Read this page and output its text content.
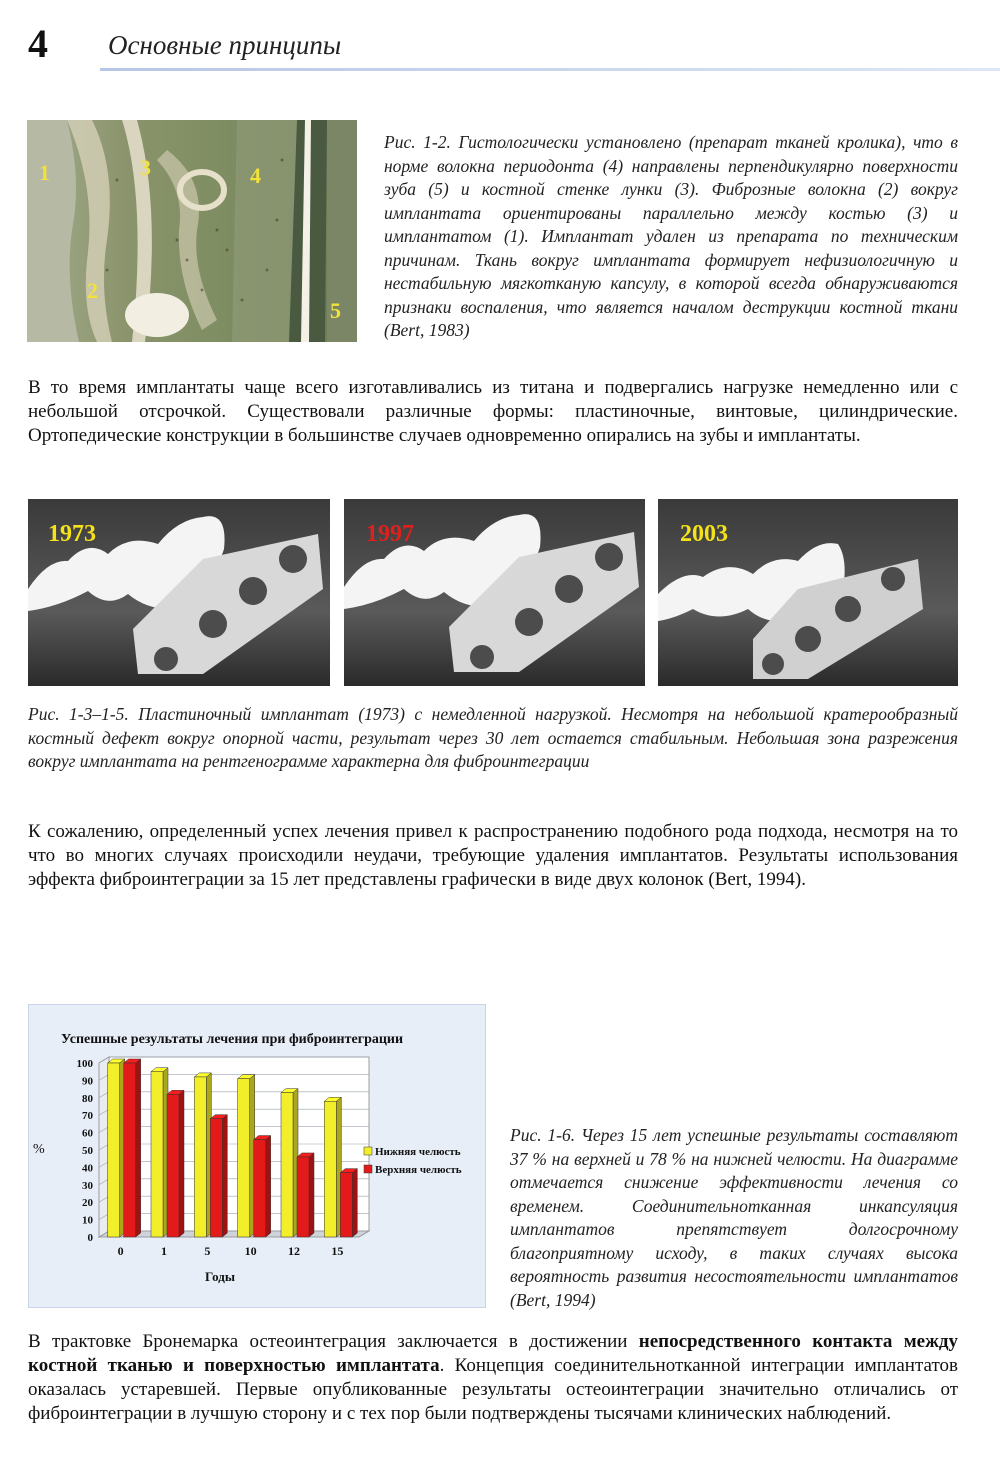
4 Основные принципы
1
2
3	4
5
Рис. 1-2. Гистологически установлено (препарат тканей кролика), что в норме волокна периодонта (4) направлены перпендикулярно поверхности зуба (5) и костной стенке лунки (3). Фиброзные волокна (2) вокруг имплантата ориентированы параллельно между костью (3) и имплантатом (1). Имплантат удален из препарата по техническим причинам. Ткань вокруг имплантата формирует нефизиологичную и нестабильную мягкотканую капсулу, в которой всегда обнаруживаются признаки воспаления, что является началом деструкции костной ткани (Bert, 1983)
В то время имплантаты чаще всего изготавливались из титана и подвергались нагрузке немедленно или с небольшой отсрочкой. Существовали различные формы: пластиночные, винтовые, цилиндрические. Ортопедические конструкции в большинстве случаев одновременно опирались на зубы и имплантаты.
1973	1997	2003
Рис. 1-3–1-5. Пластиночный имплантат (1973) с немедленной нагрузкой. Несмотря на небольшой кратерообразный костный дефект вокруг опорной части, результат через 30 лет остается стабильным. Небольшая зона разрежения вокруг имплантата на рентгенограмме характерна для фиброинтеграции
К сожалению, определенный успех лечения привел к распространению подобного рода подхода, несмотря на то что во многих случаях происходили неудачи, требующие удаления имплантатов. Результаты использования эффекта фиброинтеграции за 15 лет представлены графически в виде двух колонок (Bert, 1994).
Успешные результаты лечения при фиброинтеграции
%
Годы
0
10
20
30
40
50
60
70
80
90
100
0	1	5	10	12	15
Нижняя челюсть
Верхняя челюсть
Рис. 1-6. Через 15 лет успешные результаты составляют 37 % на верхней и 78 % на нижней челюсти. На диаграмме отмечается снижение эффективности лечения со временем. Соединительнотканная инкапсуляция имплантатов препятствует долгосрочному благоприятному исходу, в таких случаях высока вероятность развития несостоятельности имплантатов (Bert, 1994)
В трактовке Бронемарка остеоинтеграция заключается в достижении непосредственного контакта между костной тканью и поверхностью имплантата. Концепция соединительнотканной интеграции имплантатов оказалась устаревшей. Первые опубликованные результаты остеоинтеграции значительно отличались от фиброинтеграции в лучшую сторону и с тех пор были подтверждены тысячами клинических наблюдений.
